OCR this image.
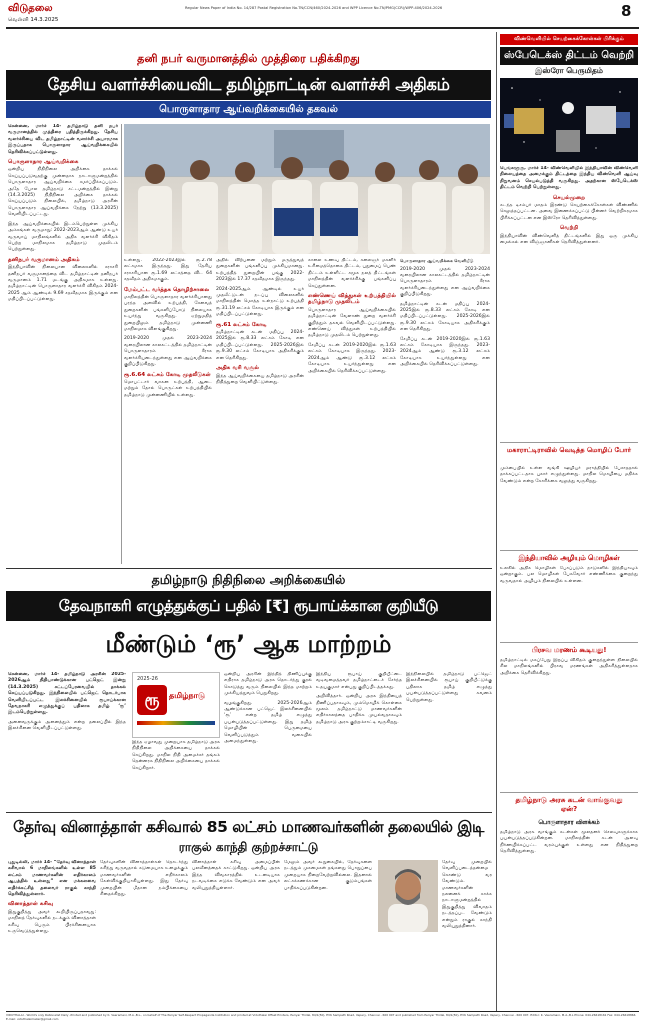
விடுதலை
வெள்ளி 14.3.2025
Regular News Paper of India No. 14/287 Postal Registration No.TN/CCN/460/2024-2026 and WPP Licence No.TN/PMG(CCR)/WPP-406/2024-2026	8
தனி நபர் வருமானத்தில் முத்திரை பதிக்கிறது
தேசிய வளர்ச்சியைவிட தமிழ்நாட்டின் வளர்ச்சி அதிகம்
பொருளாதார ஆய்வறிக்கையில் தகவல்

சென்னை, மார்ச் 14- தமிழ்நாடு தனி நபர் வருமானத்தில் முத்திரை பதித்திருக்கிறது. தேசிய வளர்ச்சியை விட தமிழ்நாட்டின் வளர்ச்சி அபாரமாக இருப்பதாக பொருளாதார ஆய்வறிக்கையில் தெரிவிக்கப்பட்டுள்ளது.

பொருளாதார ஆய்வறிக்கை

ஒன்றிய நிதிநிலை அறிக்கை தாக்கல் செய்யப்படுவதற்கு முன்னதாக நாடாளுமன்றத்தில் பொருளாதார ஆய்வறிக்கை சமர்ப்பிக்கப்படும். அதே போல தமிழ்நாடு சட்டமன்றத்தில் இன்று (14.3.2025) நிதிநிலை அறிக்கை தாக்கல் செய்யப்படும் நிலையில், தமிழ்நாடு அரசின் பொருளாதார ஆய்வறிக்கை நேற்று (13.3.2025) வெளியிடப்பட்டது.

இந்த ஆய்வறிக்கையில் இடம்பெற்றுள்ள முக்கிய அம்சங்கள் வருமாறு: 2022-2023ஆம் ஆண்டு உயர் வருவாய் மாநிலங்களில் அதிக வளர்ச்சி விகிதம் பெற்ற மாநிலமாக தமிழ்நாடு முதலிடம் பெற்றுள்ளது.

தனிநபர் வருமானம் அதிகம்

இந்தியாவின் நிலையான விலைகளில் சராசரி தனிநபர் வருமானத்தை விட தமிழ்நாட்டின் தனிநபர் வருமானம் 1.71 மடங்கு அதிகமாக உள்ளது. தமிழ்நாட்டின் பொருளாதார வளர்ச்சி விகிதம் 2024-2025 ஆம் ஆண்டில் 9.69 சதவீதமாக இருக்கும் என மதிப்பிடப்பட்டுள்ளது.

உள்ளது. 2022-2023இல் ரூ.2.78 லட்சமாக இருந்தது. இது தேசிய சராசரியான ரூ.1.69 லட்சத்தை விட 64 சதவீதம் அதிகமாகும்.

மேம்பட்ட வர்த்தக தொழிற்சாலை

மாநிலத்தின் பொருளாதார வளர்ச்சியானது பரந்த அளவில் உற்பத்தி, சேவைத் துறைகளின் பங்களிப்போடு நிலையாக உயர்ந்து வருகிறது. ஏற்றுமதித் துறையிலும் தமிழ்நாடு முன்னணி மாநிலமாக விளங்குகிறது.

2019-2020 முதல் 2023-2024 வரையிலான காலகட்டத்தில் தமிழ்நாட்டின் பொருளாதாரம் சீராக வளர்ச்சியடைந்துள்ளது என ஆய்வறிக்கை குறிப்பிடுகிறது.

ரூ.6.64 லட்சம் கோடி முதலீடுகள்

மொபட்டார் வாகன உற்பத்தி, ஆடை மற்றும் தோல் பொருட்கள் உற்பத்தியில் தமிழ்நாடு முன்னணியில் உள்ளது.

அதில் விற்பனை மற்றும் மருத்துவத் துறைகளின் பங்களிப்பு முக்கியமானது. உற்பத்தித் துறையின் பங்கு 2022-2023இல் 17.37 சதவீதமாக இருந்தது.

2024-2025ஆம் ஆண்டில் உயர் முதலீட்டுடன் நடப்பு விலைகளில் மாநிலத்தின் மொத்த உள்நாட்டு உற்பத்தி ரூ.31.19 லட்சம் கோடியாக இருக்கும் என மதிப்பிடப்பட்டுள்ளது.

ரூ.61 லட்சம் கோடி

தமிழ்நாட்டின் கடன் மதிப்பு 2024-2025இல் ரூ.8.33 லட்சம் கோடி என மதிப்பிடப்பட்டுள்ளது. 2025-2026இல் ரூ.9.30 லட்சம் கோடியாக அதிகரிக்கும் என தெரிகிறது.

அதிக வரி வசூல்

இந்த ஆய்வறிக்கையை தமிழ்நாடு அரசின் நிதித்துறை வெளியிட்டுள்ளது.

காலை உணவு திட்டம், கலைஞர் மகளிர் உரிமைத்தொகை திட்டம், புதுமைப் பெண் திட்டம் உள்ளிட்ட சமூக நலத் திட்டங்கள் மாநிலத்தின் வளர்ச்சிக்கு பங்களிப்பு செய்துள்ளன.

எண்ணெய் வித்துகள் உற்பத்தியில் தமிழ்நாடு முதலிடம்

பொருளாதார ஆய்வறிக்கையில் தமிழ்நாட்டின் வேளாண் துறை வளர்ச்சி குறித்தும் தகவல் வெளியிடப்பட்டுள்ளது. எண்ணெய் வித்துகள் உற்பத்தியில் தமிழ்நாடு முதலிடம் பெற்றுள்ளது.

சேமிப்பு கடன் 2019-2020இல் ரூ.1.63 லட்சம் கோடியாக இருந்தது. 2023-2024ஆம் ஆண்டு ரூ.3.12 லட்சம் கோடியாக உயர்ந்துள்ளது என அறிக்கையில் தெரிவிக்கப்பட்டுள்ளது.

பொருளாதார ஆய்வறிக்கை வெளியீடு

2019-2020 முதல் 2023-2024 வரையிலான காலகட்டத்தில் தமிழ்நாட்டின் பொருளாதாரம் சீராக வளர்ச்சியடைந்துள்ளது என ஆய்வறிக்கை குறிப்பிடுகிறது.

தமிழ்நாட்டின் கடன் மதிப்பு 2024-2025இல் ரூ.8.33 லட்சம் கோடி என மதிப்பிடப்பட்டுள்ளது. 2025-2026இல் ரூ.9.30 லட்சம் கோடியாக அதிகரிக்கும் என தெரிகிறது.

சேமிப்பு கடன் 2019-2020இல் ரூ.1.63 லட்சம் கோடியாக இருந்தது. 2023-2024ஆம் ஆண்டு ரூ.3.12 லட்சம் கோடியாக உயர்ந்துள்ளது என அறிக்கையில் தெரிவிக்கப்பட்டுள்ளது.

தமிழ்நாடு நிதிநிலை அறிக்கையில்
தேவநாகரி எழுத்துக்குப் பதில் [₹] ரூபாய்க்கான குறியீடு
மீண்டும் ‘ரூ’ ஆக மாற்றம்

சென்னை, மார்ச் 14- தமிழ்நாடு அரசின் 2025-2026ஆம் நிதியாண்டுக்கான பட்ஜெட் இன்று (14.3.2025) சட்டப்பேரவையில் தாக்கல் செய்யப்படுகிறது. இந்நிலையில் பட்ஜெட் தொடர்பாக வெளியிடப்பட்ட இலச்சினையில் ரூபாய்க்கான தேவநாகரி எழுத்துக்குப் பதிலாக தமிழ் ‘ரூ’ இடம்பெற்றுள்ளது.

அனைவருக்கும் அனைத்தும் என்ற தலைப்பில் இந்த இலச்சினை வெளியிடப்பட்டுள்ளது.

2025-26
ரூ	தமிழ்நாடு

இந்த ஏழாவது முறையாக தமிழ்நாடு அரசு நிதிநிலை அறிக்கையை தாக்கல் செய்கிறது. மாநில நிதி அமைச்சர் தங்கம் தென்னரசு நிதிநிலை அறிக்கையை தாக்கல் செய்கிறார்.

ஒன்றிய அரசின் இந்தித் திணிப்புக்கு எதிராக தமிழ்நாடு அரசு தொடர்ந்து குரல் கொடுத்து வரும் நிலையில் இந்த மாற்றம் முக்கியத்துவம் பெறுகிறது.

வழங்குகிறது. 2025-2026ஆம் ஆண்டுக்கான பட்ஜெட் இலச்சினையில் ‘ரூ’ என்ற தமிழ் எழுத்து பயன்படுத்தப்பட்டுள்ளது. இது தமிழ் மொழியின் பெருமையை வெளிப்படுத்தும் வகையில் அமைந்துள்ளது.

இந்திய ரூபாய் குறியீட்டை வடிவமைத்தவர் தமிழ்நாட்டைச் சேர்ந்த உதயகுமார் என்பது குறிப்பிடத்தக்கது.

அறிவித்தார். ஒன்றிய அரசு இந்தியைத் திணிப்பதாகவும், மும்மொழிக் கொள்கை மூலம் தமிழ்நாட்டு மாணவர்களின் எதிர்காலத்தை பாதிக்க முயல்வதாகவும் தமிழ்நாடு அரசு குற்றம்சாட்டி வருகிறது.

இந்நிலையில் தமிழ்நாடு பட்ஜெட் இலச்சினையில் ரூபாய் குறியீட்டுக்கு பதிலாக தமிழ் எழுத்து பயன்படுத்தப்பட்டுள்ளது கவனம் பெற்றுள்ளது.

தேர்வு வினாத்தாள் கசிவால் 85 லட்சம் மாணவர்களின் தலையில் இடி
ராகுல் காந்தி குற்றச்சாட்டு

புதுடில்லி, மார்ச் 14- “தேர்வு வினாத்தாள் கசிவால் 6 மாநிலங்களில் உள்ள 85 லட்சம் மாணவர்களின் எதிர்காலம் ஆபத்தில் உள்ளது” என மக்களவை எதிர்க்கட்சித் தலைவர் ராகுல் காந்தி தெரிவித்துள்ளார்.

வினாத்தாள் கசிவு

இதுகுறித்து அவர் கூறியிருப்பதாவது: மாநிலத் தேர்வுகளில் நடக்கும் வினாத்தாள் கசிவு பெரும் பிரச்சினையாக உருவெடுத்துள்ளது.

தேர்வுகளின் வினாத்தாள்கள் தொடர்ந்து கசிந்து வருவதால் கடுமையாக உழைக்கும் மாணவர்களின் எதிர்காலம் கேள்விக்குறியாகியுள்ளது. இது தேர்வு முறையின் மீதான நம்பிக்கையை சிதைக்கிறது.

வினாத்தாள் கசிவு அமைப்பின் பலவீனத்தைக் காட்டுகிறது. ஒன்றிய அரசு இந்த விவகாரத்தில் உடனடியாக நடவடிக்கை எடுக்க வேண்டும் என அவர் வலியுறுத்தியுள்ளார்.

மேலும் அவர் கூறுகையில், தேர்வுகளை நடத்தும் முகமைகள் தங்களது பொறுப்பை முறையாக நிறைவேற்றவில்லை. இதனால் லட்சக்கணக்கான குடும்பங்கள் பாதிக்கப்படுகின்றன.

தேர்வு முறையில் வெளிப்படைத்தன்மை கொண்டு வர வேண்டும். மாணவர்களின் நலனைக் காக்க நாடாளுமன்றத்தில் இதுகுறித்து விவாதம் நடத்தப்பட வேண்டும் என்றும் ராகுல் காந்தி வலியுறுத்தினார்.

விண்வெளியில் செயற்கைக்கோள்கள் பிரிக்கும்
ஸ்பேடெக்ஸ் திட்டம் வெற்றி
இஸ்ரோ பெருமிதம்

பெங்களூரு, மார்ச் 14- விண்வெளியில் இந்தியாவின் விண்வெளி நிலையத்தை அமைக்கும் திட்டத்தை இந்திய விண்வெளி ஆய்வு நிறுவனம் செயல்படுத்தி வருகிறது. அதற்கான ஸ்பேடெக்ஸ் திட்டம் வெற்றி பெற்றுள்ளது.

செயல்முறை

கடந்த டிசம்பர் மாதம் இரண்டு செயற்கைக்கோள்கள் விண்ணில் செலுத்தப்பட்டன. அவை இணைக்கப்பட்டு பின்னர் வெற்றிகரமாக பிரிக்கப்பட்டன என இஸ்ரோ தெரிவித்துள்ளது.

வெற்றி

இந்தியாவின் விண்வெளித் திட்டங்களில் இது ஒரு முக்கிய மைல்கல் என விஞ்ஞானிகள் தெரிவித்துள்ளனர்.

மகாராட்டிராவில் வெடித்த மொழிப் போர்

மும்பையில் உள்ள வங்கி ஊழியர் மராத்தியில் பேசாததால் தாக்கப்பட்டதாக புகார் எழுந்துள்ளது. மாநில மொழியை மதிக்க வேண்டும் என்ற கோரிக்கை வலுத்து வருகிறது.

இந்தியாவில் அழியும் மொழிகள்

உலகில் அதிக மொழிகள் பேசப்படும் நாடுகளில் இந்தியாவும் ஒன்றாகும். பல மொழிகள் பேசுவோர் எண்ணிக்கை குறைந்து வருவதால் அழியும் நிலையில் உள்ளன.

பிரசவ மரணம் கூடியது!

தமிழ்நாட்டில் மகப்பேறு இறப்பு விகிதம் குறைந்துள்ள நிலையில் சில மாநிலங்களில் பிரசவ மரணங்கள் அதிகரித்துள்ளதாக அறிக்கை தெரிவிக்கிறது.

தமிழ்நாடு அரசு கடன் வாங்குவது ஏன்?
பொருளாதார விளக்கம்

தமிழ்நாடு அரசு வாங்கும் கடன்கள் மூலதனச் செலவுகளுக்காக பயன்படுத்தப்படுகின்றன. மாநிலத்தின் கடன் அளவு நிர்ணயிக்கப்பட்ட வரம்புக்குள் உள்ளது என நிதித்துறை தெரிவித்துள்ளது.

VIDUTHALAI - World's only Rationalist Daily -Printed and published by K. Veeramani, M.A.,B.L., on behalf of The Periyar Self-Respect Propaganda Institution and printed at Viduthalai Offset Printers, Periyar Thidal, 84/1(50), EVK Sampath Road, Vepery, Chennai - 600 007 and published from Periyar Thidal, 84/1(50), EVK Sampath Road, Vepery, Chennai - 600 007. Editor: K. Veeramani, M.A.,B.L Phone: 044-26618161 Fax: 044-26618866 E-mail: viduthalaimailer@gmail.com
